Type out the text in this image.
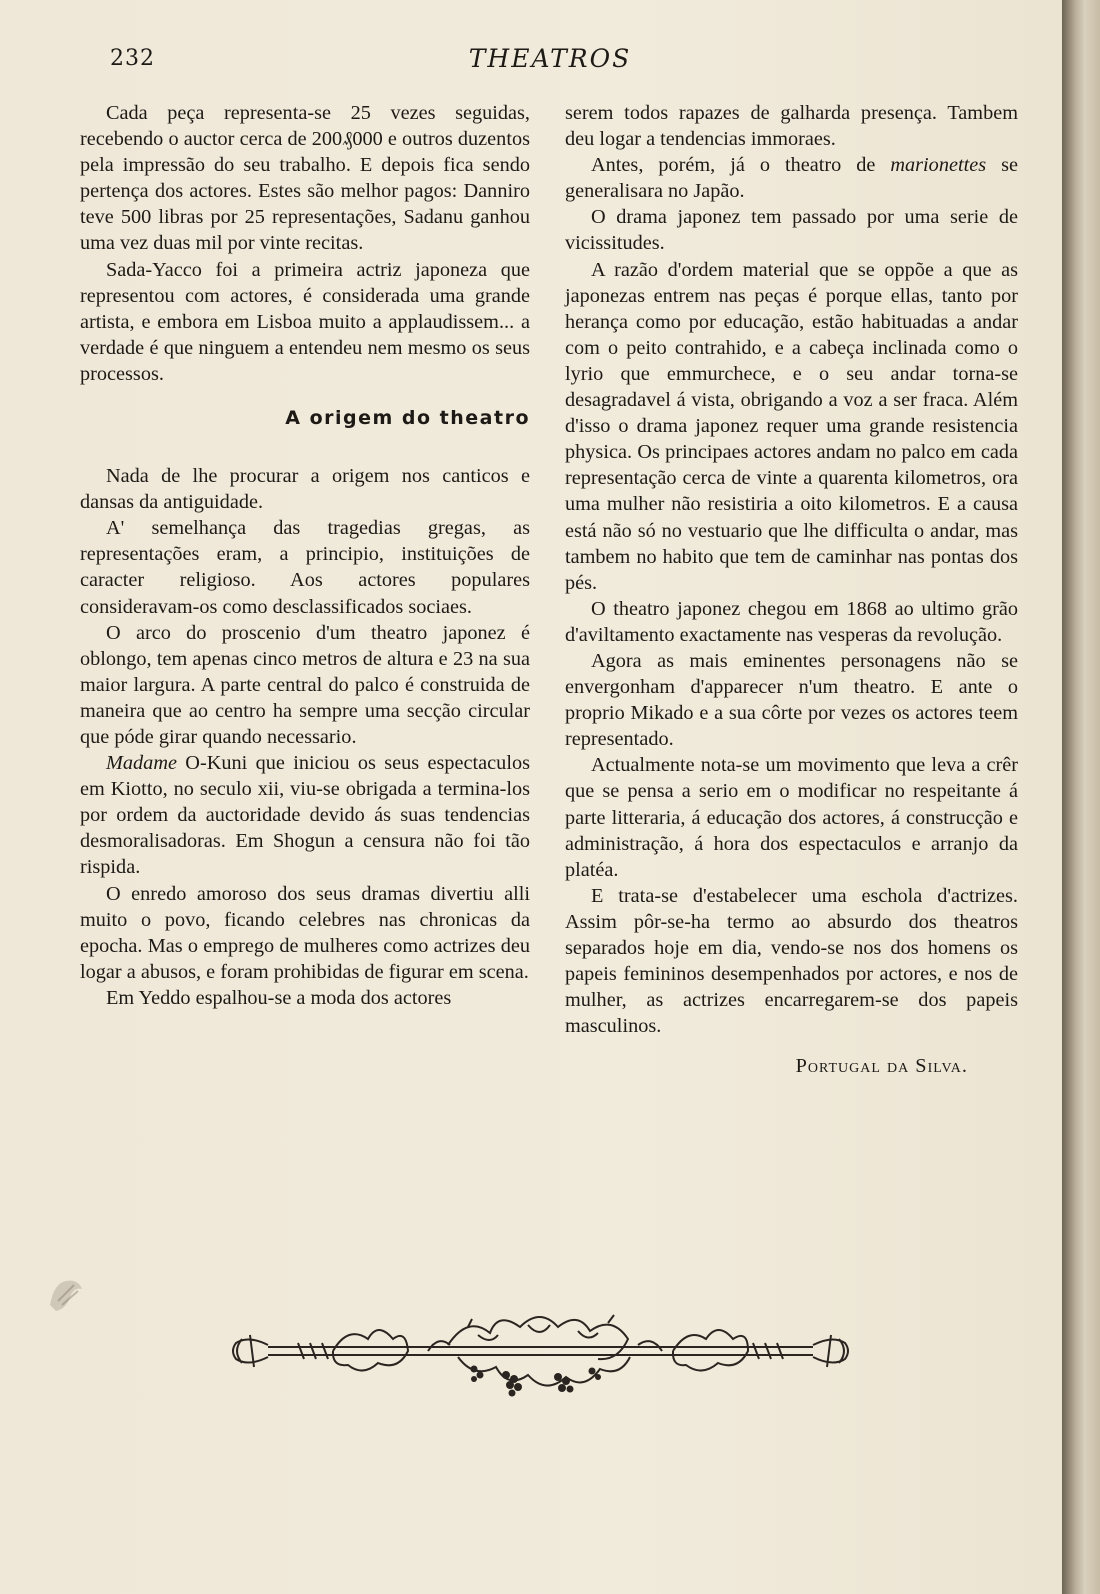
232	THEATROS

Cada peça representa-se 25 vezes seguidas, recebendo o auctor cerca de 200₰000 e outros duzentos pela impressão do seu trabalho. E depois fica sendo pertença dos actores. Estes são melhor pagos: Danniro teve 500 libras por 25 representações, Sadanu ganhou uma vez duas mil por vinte recitas.

Sada-Yacco foi a primeira actriz japoneza que representou com actores, é considerada uma grande artista, e embora em Lisboa muito a applaudissem... a verdade é que ninguem a entendeu nem mesmo os seus processos.

A origem do theatro

Nada de lhe procurar a origem nos canticos e dansas da antiguidade.

A' semelhança das tragedias gregas, as representações eram, a principio, instituições de caracter religioso. Aos actores populares consideravam-os como desclassificados sociaes.

O arco do proscenio d'um theatro japonez é oblongo, tem apenas cinco metros de altura e 23 na sua maior largura. A parte central do palco é construida de maneira que ao centro ha sempre uma secção circular que póde girar quando necessario.

Madame O-Kuni que iniciou os seus espectaculos em Kiotto, no seculo xii, viu-se obrigada a termina-los por ordem da auctoridade devido ás suas tendencias desmoralisadoras. Em Shogun a censura não foi tão rispida.

O enredo amoroso dos seus dramas divertiu alli muito o povo, ficando celebres nas chronicas da epocha. Mas o emprego de mulheres como actrizes deu logar a abusos, e foram prohibidas de figurar em scena.

Em Yeddo espalhou-se a moda dos actores

serem todos rapazes de galharda presença. Tambem deu logar a tendencias immoraes.

Antes, porém, já o theatro de marionettes se generalisara no Japão.

O drama japonez tem passado por uma serie de vicissitudes.

A razão d'ordem material que se oppõe a que as japonezas entrem nas peças é porque ellas, tanto por herança como por educação, estão habituadas a andar com o peito contrahido, e a cabeça inclinada como o lyrio que emmurchece, e o seu andar torna-se desagradavel á vista, obrigando a voz a ser fraca. Além d'isso o drama japonez requer uma grande resistencia physica. Os principaes actores andam no palco em cada representação cerca de vinte a quarenta kilometros, ora uma mulher não resistiria a oito kilometros. E a causa está não só no vestuario que lhe difficulta o andar, mas tambem no habito que tem de caminhar nas pontas dos pés.

O theatro japonez chegou em 1868 ao ultimo grão d'aviltamento exactamente nas vesperas da revolução.

Agora as mais eminentes personagens não se envergonham d'apparecer n'um theatro. E ante o proprio Mikado e a sua côrte por vezes os actores teem representado.

Actualmente nota-se um movimento que leva a crêr que se pensa a serio em o modificar no respeitante á parte litteraria, á educação dos actores, á construcção e administração, á hora dos espectaculos e arranjo da platéa.

E trata-se d'estabelecer uma eschola d'actrizes. Assim pôr-se-ha termo ao absurdo dos theatros separados hoje em dia, vendo-se nos dos homens os papeis femininos desempenhados por actores, e nos de mulher, as actrizes encarregarem-se dos papeis masculinos.

Portugal da Silva.
